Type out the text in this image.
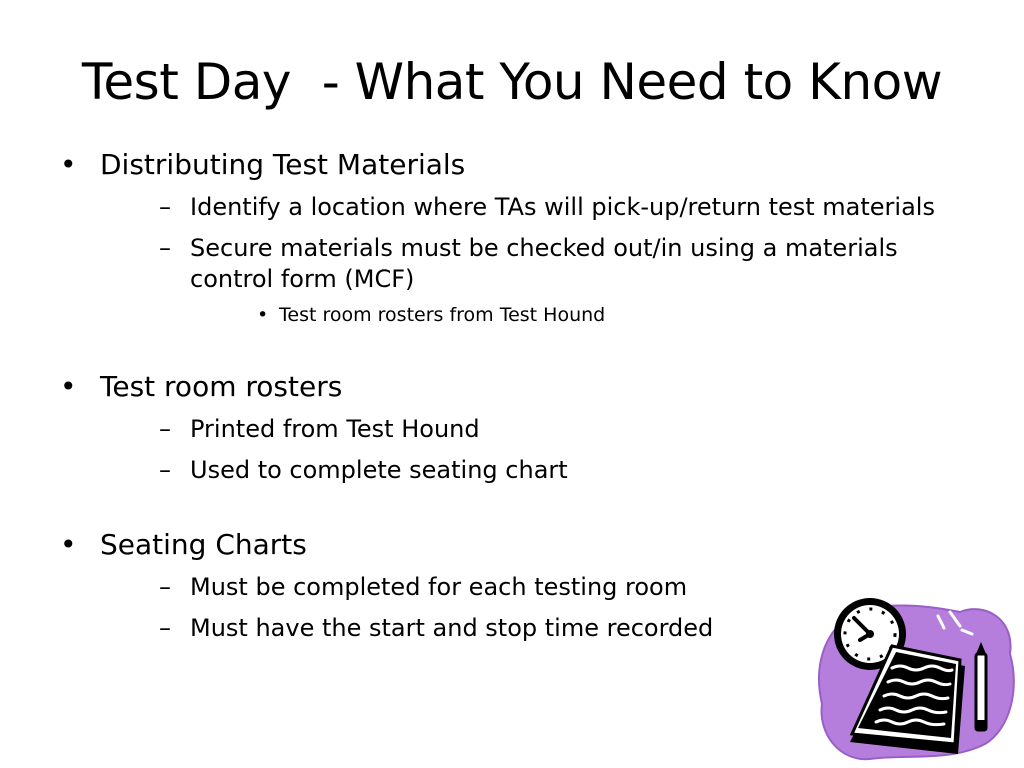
Test Day  - What You Need to Know
• Distributing Test Materials
– Identify a location where TAs will pick-up/return test materials
– Secure materials must be checked out/in using a materials control form (MCF)
• Test room rosters from Test Hound
• Test room rosters
– Printed from Test Hound
– Used to complete seating chart
• Seating Charts
– Must be completed for each testing room
– Must have the start and stop time recorded
